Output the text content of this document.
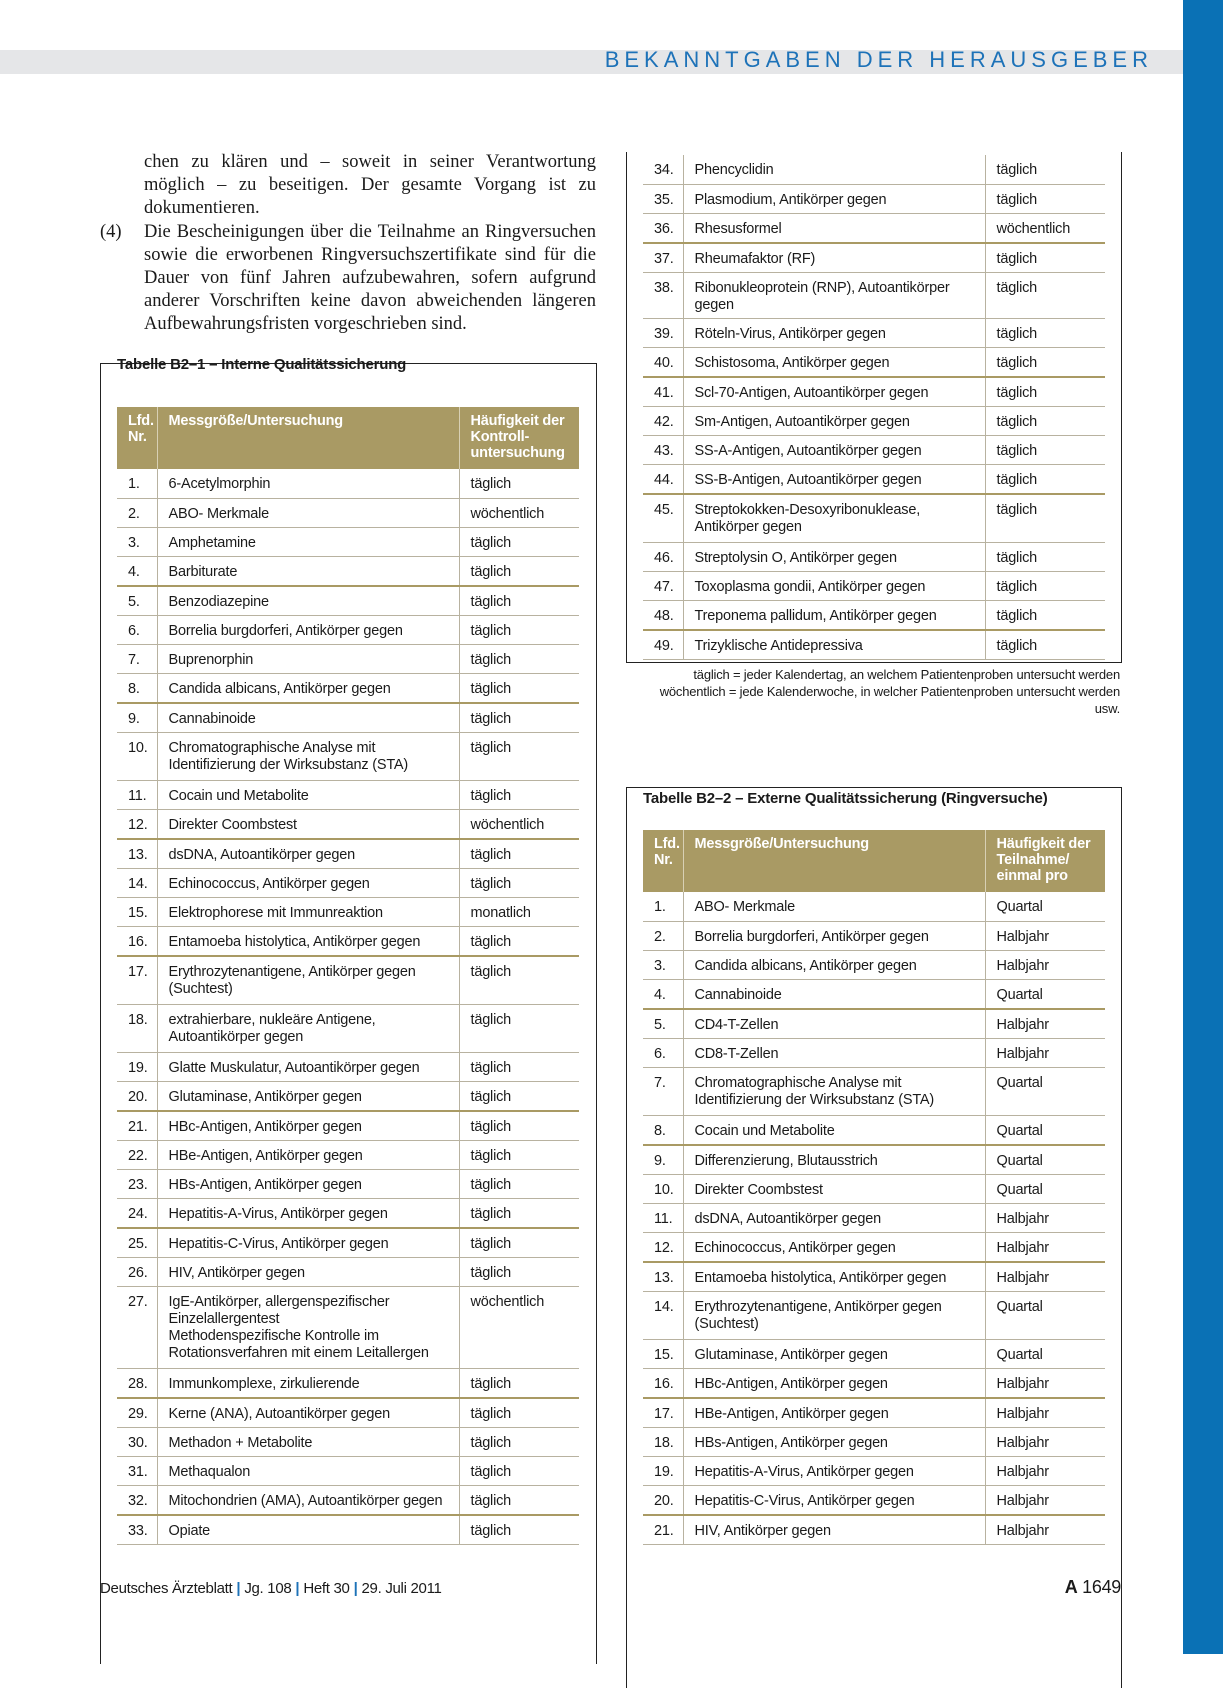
BEKANNTGABEN DER HERAUSGEBER

chen zu klären und – soweit in seiner Verantwortung möglich – zu beseitigen. Der gesamte Vorgang ist zu dokumentieren.

(4)	Die Bescheinigungen über die Teilnahme an Ringversuchen sowie die erworbenen Ringversuchszertifikate sind für die Dauer von fünf Jahren aufzubewahren, sofern aufgrund anderer Vorschriften keine davon abweichenden längeren Aufbewahrungsfristen vorgeschrieben sind.
Tabelle B2–1 – Interne Qualitätssicherung
Lfd. Nr.	Messgröße/Untersuchung	Häufigkeit der Kontrolluntersuchung
1.	6-Acetylmorphin	täglich
2.	ABO- Merkmale	wöchentlich
3.	Amphetamine	täglich
4.	Barbiturate	täglich
5.	Benzodiazepine	täglich
6.	Borrelia burgdorferi, Antikörper gegen	täglich
7.	Buprenorphin	täglich
8.	Candida albicans, Antikörper gegen	täglich
9.	Cannabinoide	täglich
10.	Chromatographische Analyse mit Identifizierung der Wirksubstanz (STA)	täglich
11.	Cocain und Metabolite	täglich
12.	Direkter Coombstest	wöchentlich
13.	dsDNA, Autoantikörper gegen	täglich
14.	Echinococcus, Antikörper gegen	täglich
15.	Elektrophorese mit Immunreaktion	monatlich
16.	Entamoeba histolytica, Antikörper gegen	täglich
17.	Erythrozytenantigene, Antikörper gegen (Suchtest)	täglich
18.	extrahierbare, nukleäre Antigene, Autoantikörper gegen	täglich
19.	Glatte Muskulatur, Autoantikörper gegen	täglich
20.	Glutaminase, Antikörper gegen	täglich
21.	HBc-Antigen, Antikörper gegen	täglich
22.	HBe-Antigen, Antikörper gegen	täglich
23.	HBs-Antigen, Antikörper gegen	täglich
24.	Hepatitis-A-Virus, Antikörper gegen	täglich
25.	Hepatitis-C-Virus, Antikörper gegen	täglich
26.	HIV, Antikörper gegen	täglich
27.	IgE-Antikörper, allergenspezifischer
Einzelallergentest
Methodenspezifische Kontrolle im
Rotationsverfahren mit einem Leitallergen	wöchentlich
28.	Immunkomplexe, zirkulierende	täglich
29.	Kerne (ANA), Autoantikörper gegen	täglich
30.	Methadon + Metabolite	täglich
31.	Methaqualon	täglich
32.	Mitochondrien (AMA), Autoantikörper gegen	täglich
33.	Opiate	täglich
34.	Phencyclidin	täglich
35.	Plasmodium, Antikörper gegen	täglich
36.	Rhesusformel	wöchentlich
37.	Rheumafaktor (RF)	täglich
38.	Ribonukleoprotein (RNP), Autoantikörper gegen	täglich
39.	Röteln-Virus, Antikörper gegen	täglich
40.	Schistosoma, Antikörper gegen	täglich
41.	Scl-70-Antigen, Autoantikörper gegen	täglich
42.	Sm-Antigen, Autoantikörper gegen	täglich
43.	SS-A-Antigen, Autoantikörper gegen	täglich
44.	SS-B-Antigen, Autoantikörper gegen	täglich
45.	Streptokokken-Desoxyribonuklease,
Antikörper gegen	täglich
46.	Streptolysin O, Antikörper gegen	täglich
47.	Toxoplasma gondii, Antikörper gegen	täglich
48.	Treponema pallidum, Antikörper gegen	täglich
49.	Trizyklische Antidepressiva	täglich
täglich = jeder Kalendertag, an welchem Patientenproben untersucht werden
wöchentlich = jede Kalenderwoche, in welcher Patientenproben untersucht werden
usw.
Tabelle B2–2 – Externe Qualitätssicherung (Ringversuche)
Lfd. Nr.	Messgröße/Untersuchung	Häufigkeit der Teilnahme/ einmal pro
1.	ABO- Merkmale	Quartal
2.	Borrelia burgdorferi, Antikörper gegen	Halbjahr
3.	Candida albicans, Antikörper gegen	Halbjahr
4.	Cannabinoide	Quartal
5.	CD4-T-Zellen	Halbjahr
6.	CD8-T-Zellen	Halbjahr
7.	Chromatographische Analyse mit Identifizierung der Wirksubstanz (STA)	Quartal
8.	Cocain und Metabolite	Quartal
9.	Differenzierung, Blutausstrich	Quartal
10.	Direkter Coombstest	Quartal
11.	dsDNA, Autoantikörper gegen	Halbjahr
12.	Echinococcus, Antikörper gegen	Halbjahr
13.	Entamoeba histolytica, Antikörper gegen	Halbjahr
14.	Erythrozytenantigene, Antikörper gegen (Suchtest)	Quartal
15.	Glutaminase, Antikörper gegen	Quartal
16.	HBc-Antigen, Antikörper gegen	Halbjahr
17.	HBe-Antigen, Antikörper gegen	Halbjahr
18.	HBs-Antigen, Antikörper gegen	Halbjahr
19.	Hepatitis-A-Virus, Antikörper gegen	Halbjahr
20.	Hepatitis-C-Virus, Antikörper gegen	Halbjahr
21.	HIV, Antikörper gegen	Halbjahr
Deutsches Ärzteblatt | Jg. 108 | Heft 30 | 29. Juli 2011	A 1649
